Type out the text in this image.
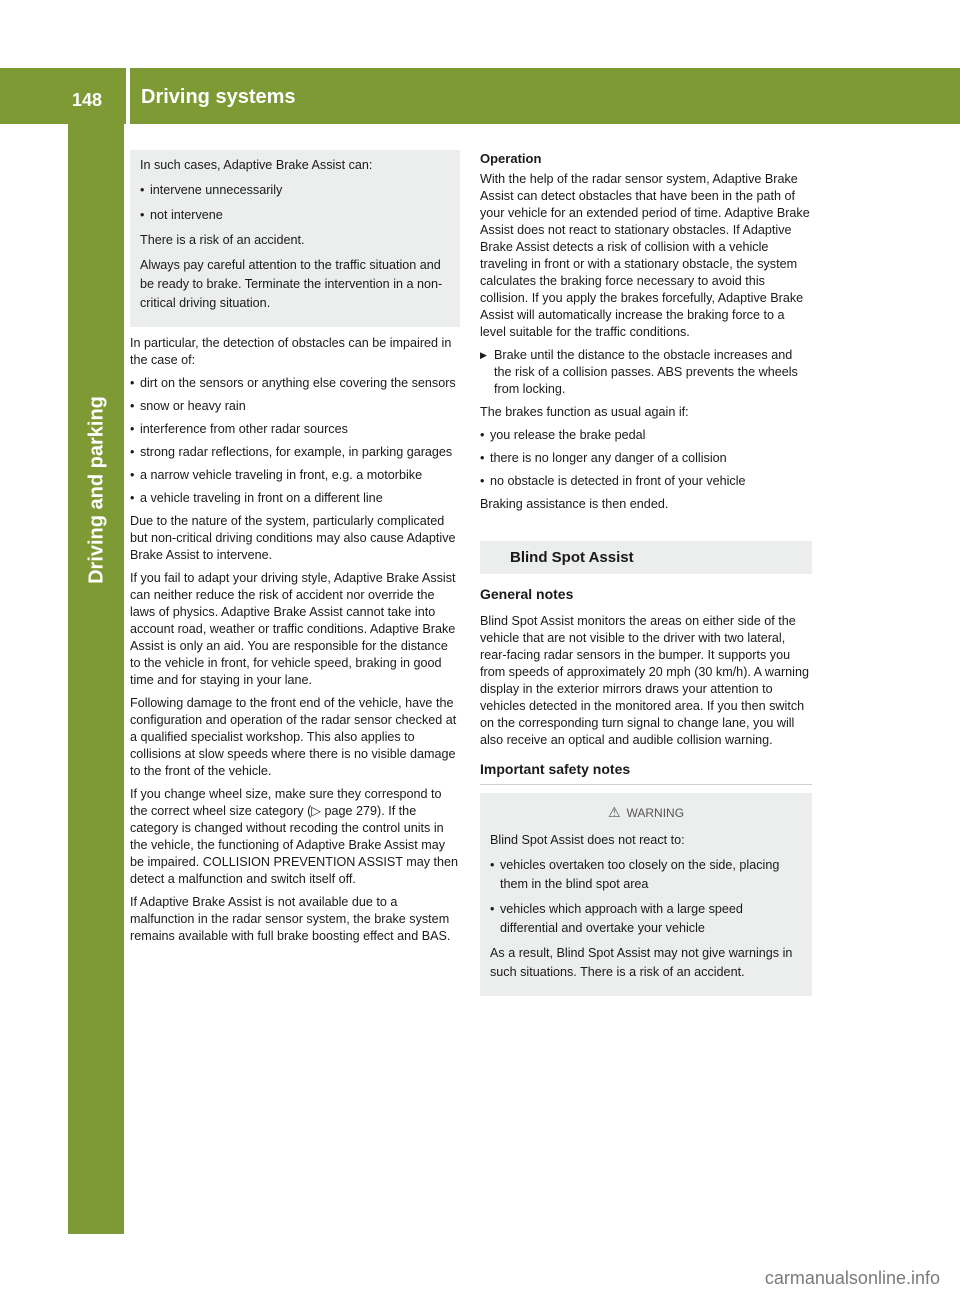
148 Driving systems
Driving and parking

In such cases, Adaptive Brake Assist can:

• intervene unnecessarily
• not intervene

There is a risk of an accident.

Always pay careful attention to the traffic situation and be ready to brake. Terminate the intervention in a non-critical driving situation.

In particular, the detection of obstacles can be impaired in the case of:

• dirt on the sensors or anything else covering the sensors
• snow or heavy rain
• interference from other radar sources
• strong radar reflections, for example, in parking garages
• a narrow vehicle traveling in front, e.g. a motorbike
• a vehicle traveling in front on a different line

Due to the nature of the system, particularly complicated but non-critical driving conditions may also cause Adaptive Brake Assist to intervene.

If you fail to adapt your driving style, Adaptive Brake Assist can neither reduce the risk of accident nor override the laws of physics. Adaptive Brake Assist cannot take into account road, weather or traffic conditions. Adaptive Brake Assist is only an aid. You are responsible for the distance to the vehicle in front, for vehicle speed, braking in good time and for staying in your lane.

Following damage to the front end of the vehicle, have the configuration and operation of the radar sensor checked at a qualified specialist workshop. This also applies to collisions at slow speeds where there is no visible damage to the front of the vehicle.

If you change wheel size, make sure they correspond to the correct wheel size category (▷ page 279). If the category is changed without recoding the control units in the vehicle, the functioning of Adaptive Brake Assist may be impaired. COLLISION PREVENTION ASSIST may then detect a malfunction and switch itself off.

If Adaptive Brake Assist is not available due to a malfunction in the radar sensor system, the brake system remains available with full brake boosting effect and BAS.

Operation

With the help of the radar sensor system, Adaptive Brake Assist can detect obstacles that have been in the path of your vehicle for an extended period of time. Adaptive Brake Assist does not react to stationary obstacles. If Adaptive Brake Assist detects a risk of collision with a vehicle traveling in front or with a stationary obstacle, the system calculates the braking force necessary to avoid this collision. If you apply the brakes forcefully, Adaptive Brake Assist will automatically increase the braking force to a level suitable for the traffic conditions.

▶ Brake until the distance to the obstacle increases and the risk of a collision passes. ABS prevents the wheels from locking.

The brakes function as usual again if:

• you release the brake pedal
• there is no longer any danger of a collision
• no obstacle is detected in front of your vehicle

Braking assistance is then ended.

Blind Spot Assist
General notes

Blind Spot Assist monitors the areas on either side of the vehicle that are not visible to the driver with two lateral, rear-facing radar sensors in the bumper. It supports you from speeds of approximately 20 mph (30 km/h). A warning display in the exterior mirrors draws your attention to vehicles detected in the monitored area. If you then switch on the corresponding turn signal to change lane, you will also receive an optical and audible collision warning.

Important safety notes
⚠ WARNING

Blind Spot Assist does not react to:

• vehicles overtaken too closely on the side, placing them in the blind spot area
• vehicles which approach with a large speed differential and overtake your vehicle

As a result, Blind Spot Assist may not give warnings in such situations. There is a risk of an accident.

carmanualsonline.info
